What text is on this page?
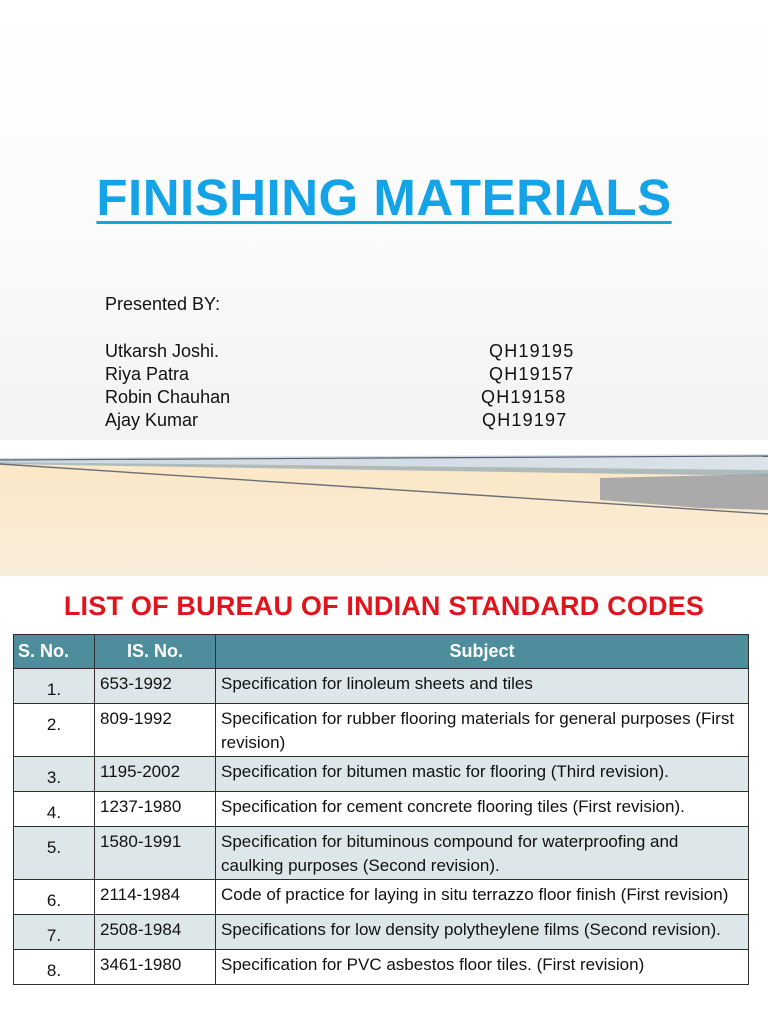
FINISHING MATERIALS
Presented BY:
Utkarsh Joshi.	QH19195
Riya Patra	QH19157
Robin Chauhan	QH19158
Ajay Kumar	QH19197
LIST OF BUREAU OF INDIAN STANDARD CODES
S. No.	IS. No.	Subject
1.	653-1992	Specification for linoleum sheets and tiles
2.	809-1992	Specification for rubber flooring materials for general purposes (First revision)
3.	1195-2002	Specification for bitumen mastic for flooring (Third revision).
4.	1237-1980	Specification for cement concrete flooring tiles (First revision).
5.	1580-1991	Specification for bituminous compound for waterproofing and caulking purposes (Second revision).
6.	2114-1984	Code of practice for laying in situ terrazzo floor finish (First revision)
7.	2508-1984	Specifications for low density polytheylene films (Second revision).
8.	3461-1980	Specification for PVC asbestos floor tiles. (First revision)
